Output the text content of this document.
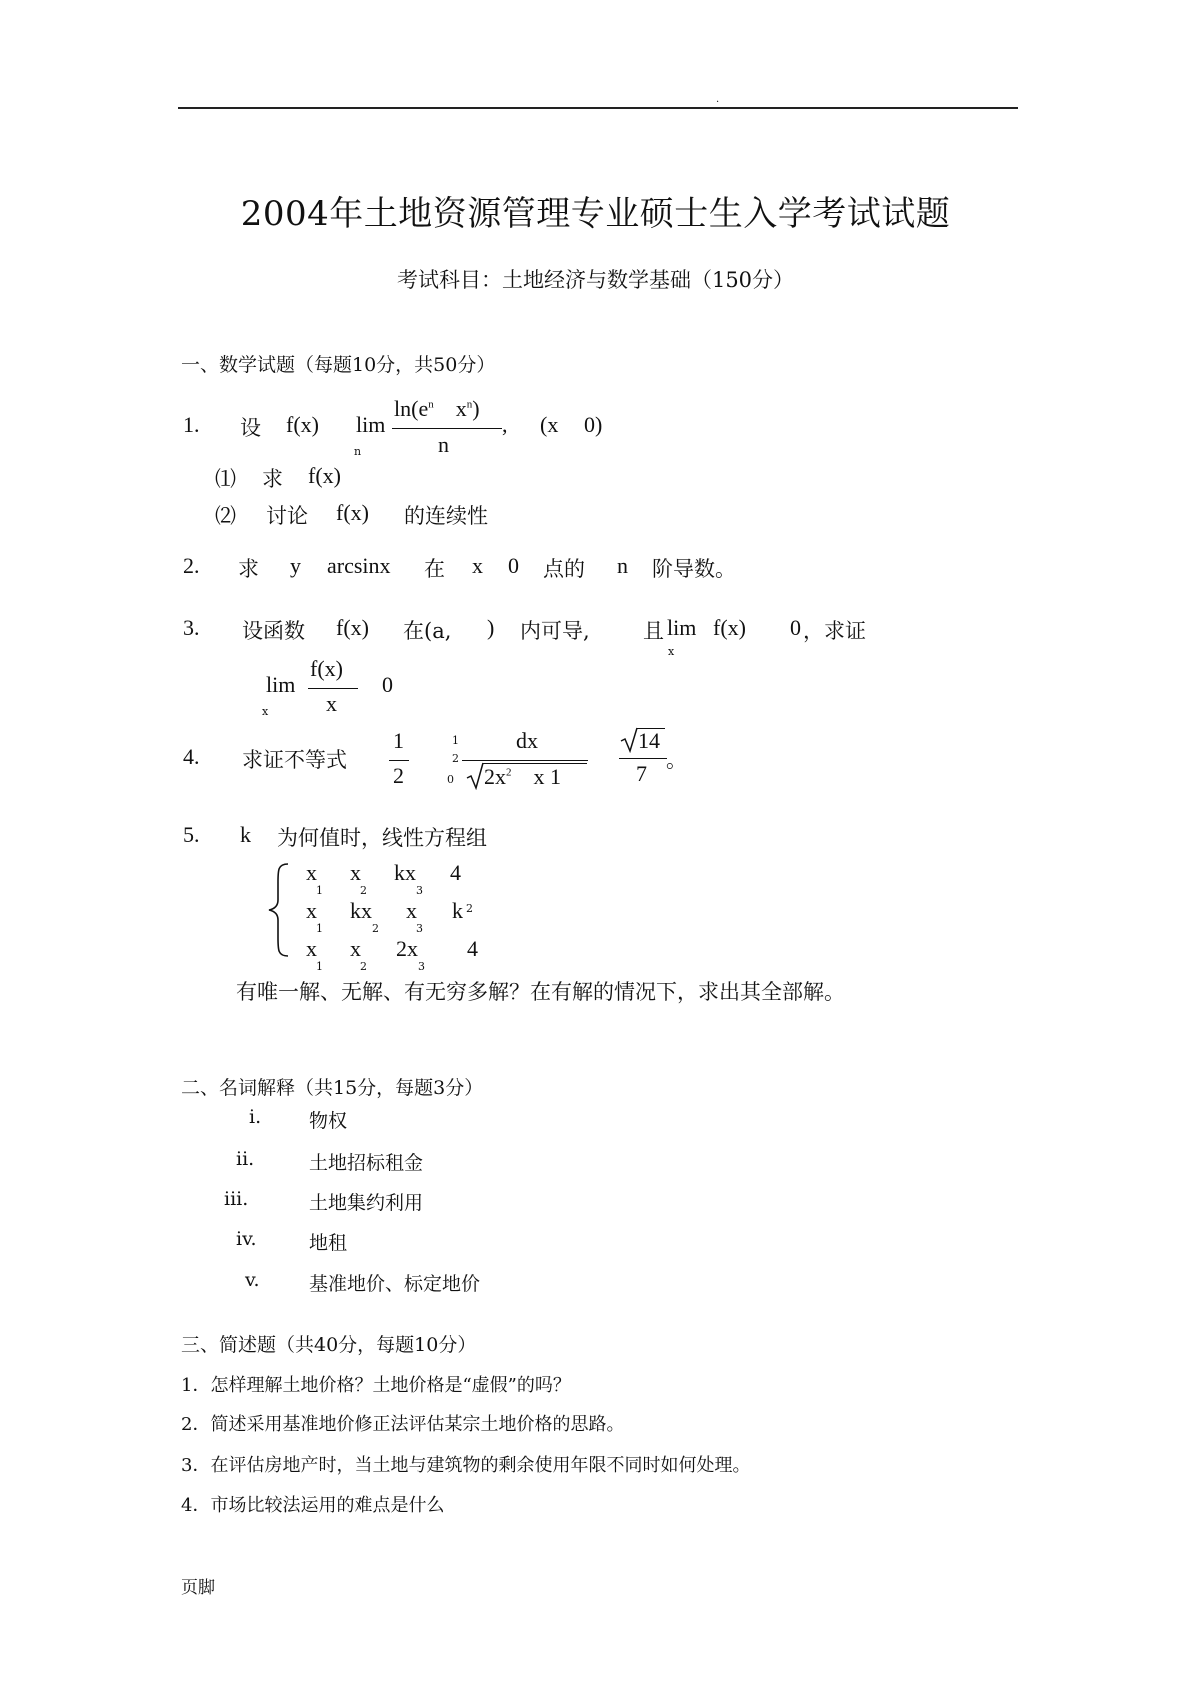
.
2004年土地资源管理专业硕士生入学考试试题
考试科目：土地经济与数学基础（150分）
一、数学试题（每题10分，共50分）
1. 设 f(x) lim
n
$\ln(e^n$ $x^n$)
n
, (x 0)
⑴ 求 f(x)
⑵ 讨论 f(x) 的连续性
2. 求 y arcsinx 在 x 0 点的 n 阶导数。
3. 设函数 f(x) 在(a, ) 内可导,	且 lim
x
f(x) 0 ，求证
lim
x
f(x)
x
0
4. 求证不等式
1
2
1
2
0
dx
$2x^2$ x 1
14
7
。
5. k 为何值时，线性方程组
x
1
x
2
kx
3
4
x
1
kx
2
x
3
k 2
x
1
x
2
2x
3
4
有唯一解、无解、有无穷多解？在有解的情况下，求出其全部解。
二、名词解释（共15分，每题3分）
i.	物权
ii.	土地招标租金
iii.	土地集约利用
iv.	地租
v.	基准地价、标定地价
三、简述题（共40分，每题10分）
1．怎样理解土地价格？土地价格是“虚假”的吗？
2．简述采用基准地价修正法评估某宗土地价格的思路。
3．在评估房地产时，当土地与建筑物的剩余使用年限不同时如何处理。
4．市场比较法运用的难点是什么
页脚
